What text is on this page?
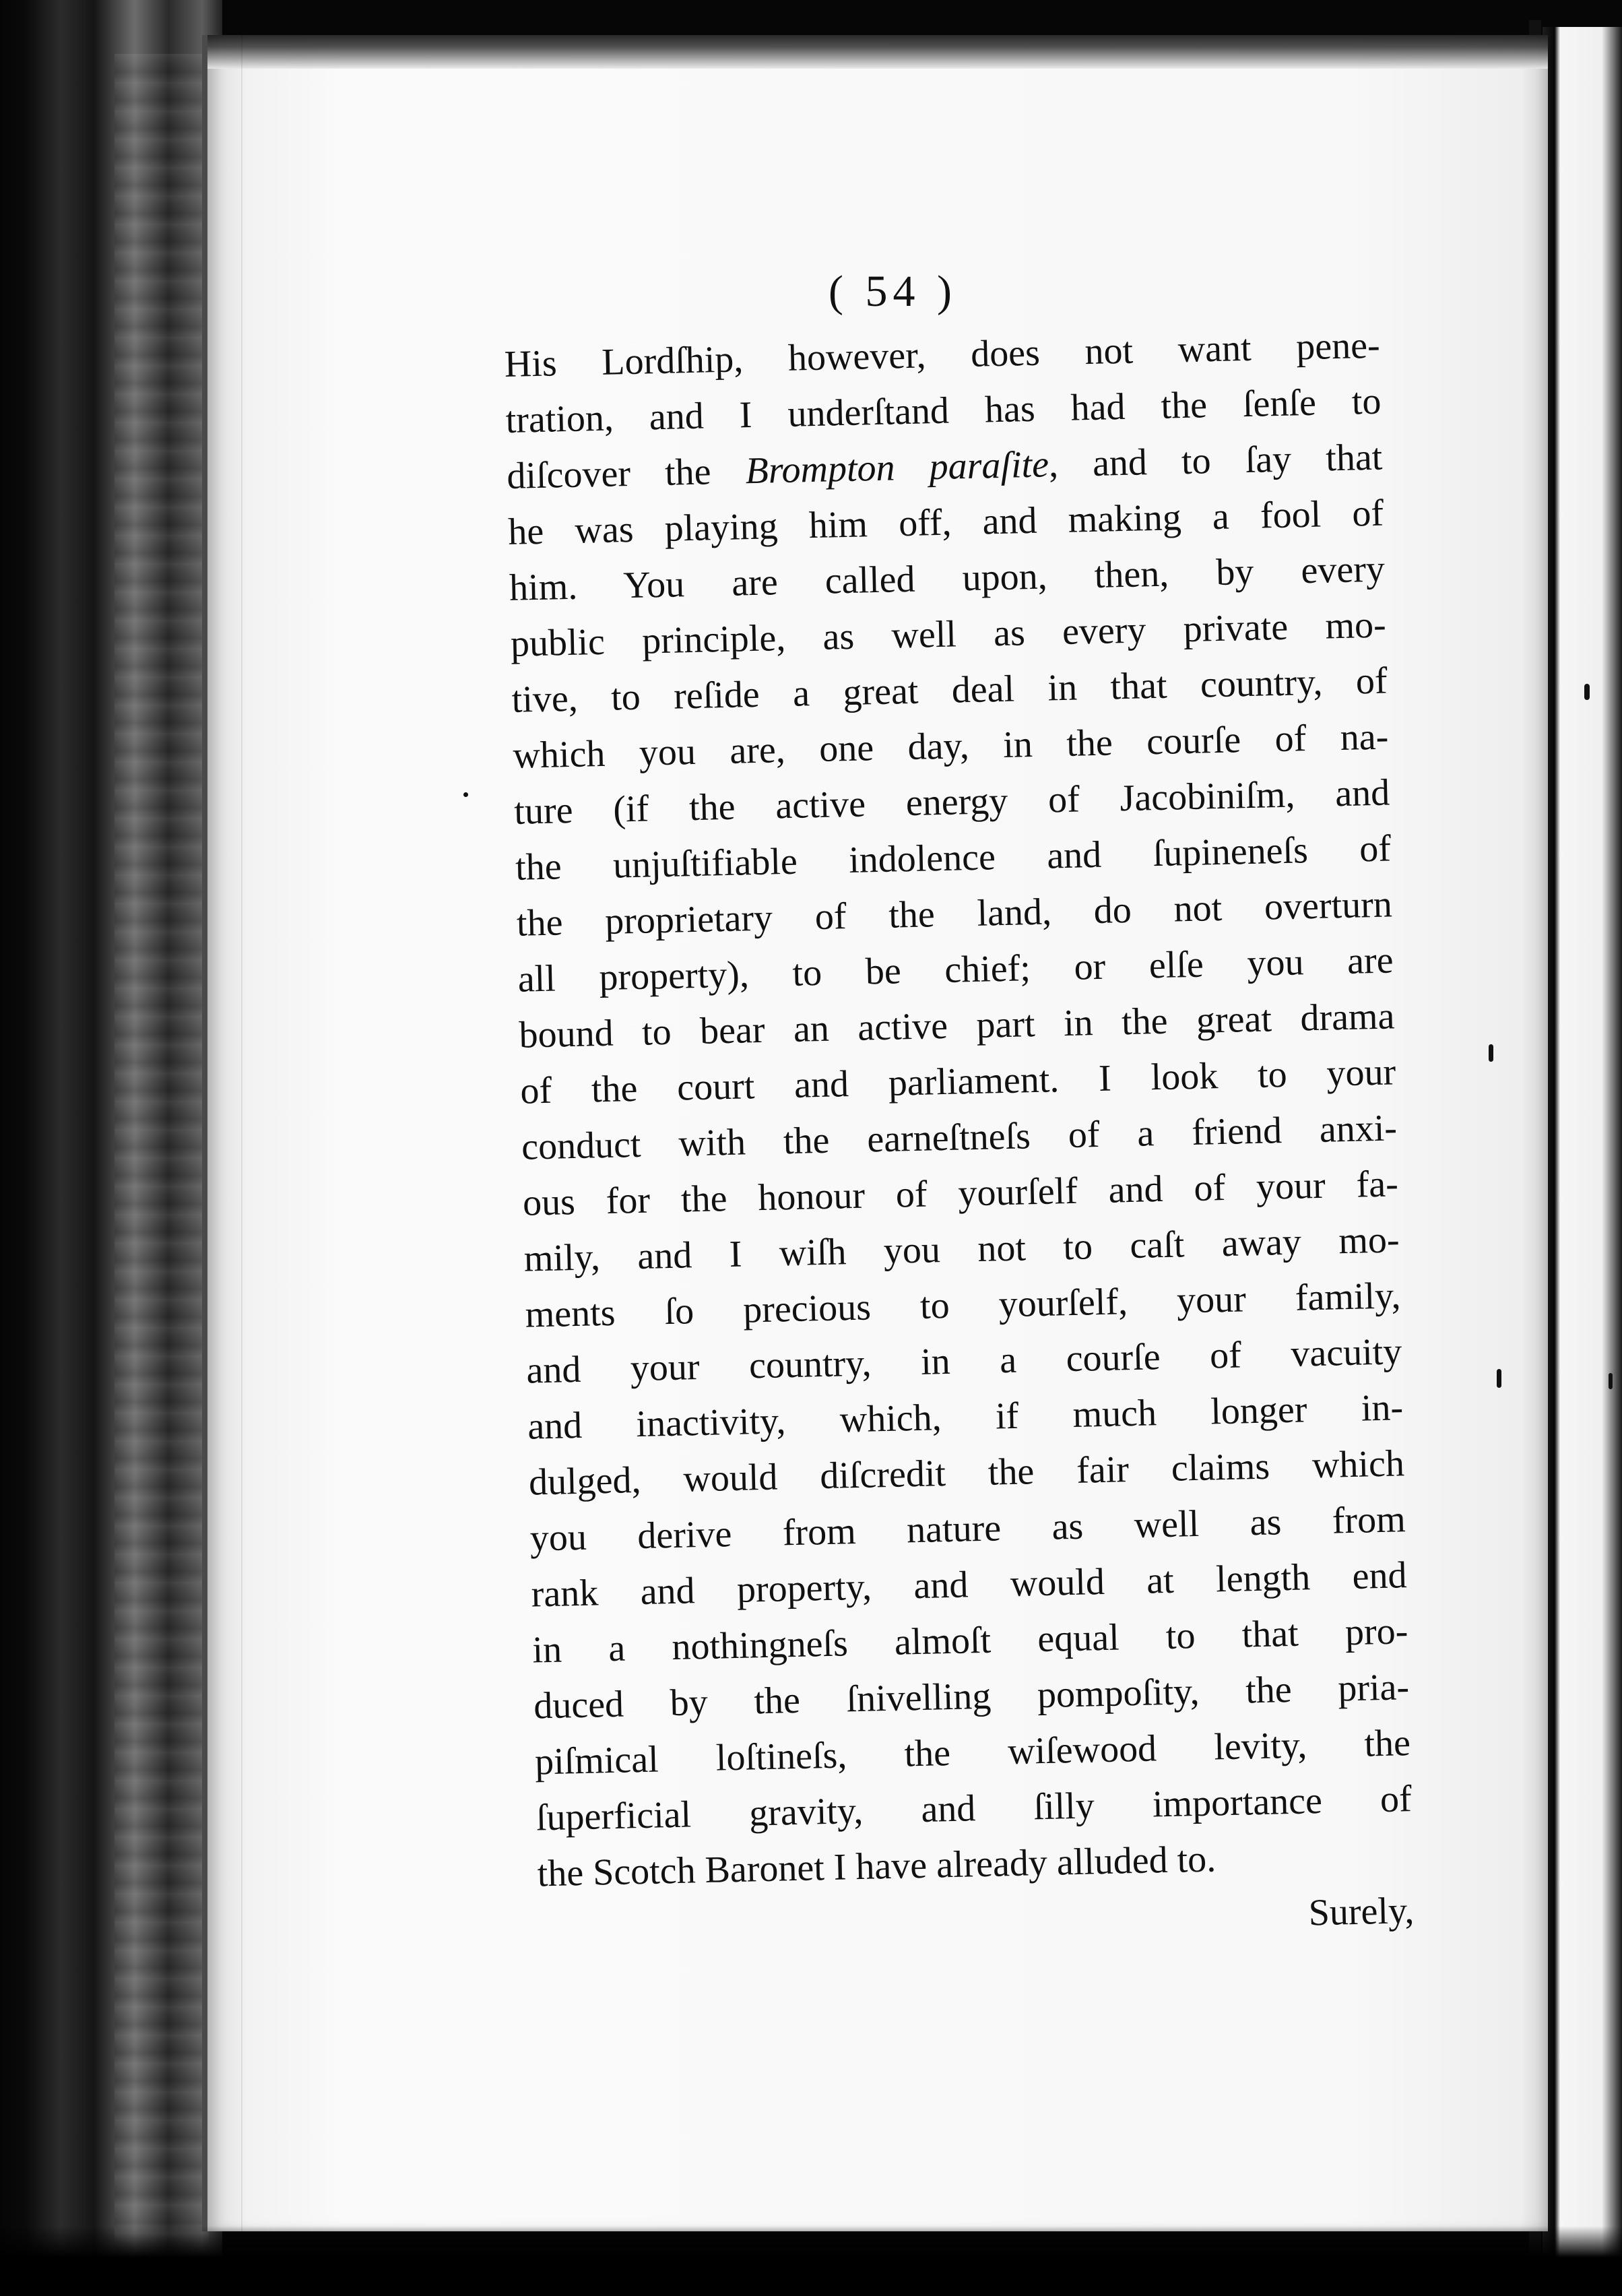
( 54 )
His Lordſhip, however, does not want pene-
tration, and I underſtand has had the ſenſe to
diſcover the Brompton paraſite, and to ſay that
he was playing him off, and making a fool of
him. You are called upon, then, by every
public principle, as well as every private mo-
tive, to reſide a great deal in that country, of
which you are, one day, in the courſe of na-
ture (if the active energy of Jacobiniſm, and
the unjuſtifiable indolence and ſupineneſs of
the proprietary of the land, do not overturn
all property), to be chief; or elſe you are
bound to bear an active part in the great drama
of the court and parliament. I look to your
conduct with the earneſtneſs of a friend anxi-
ous for the honour of yourſelf and of your fa-
mily, and I wiſh you not to caſt away mo-
ments ſo precious to yourſelf, your family,
and your country, in a courſe of vacuity
and inactivity, which, if much longer in-
dulged, would diſcredit the fair claims which
you derive from nature as well as from
rank and property, and would at length end
in a nothingneſs almoſt equal to that pro-
duced by the ſnivelling pompoſity, the pria-
piſmical loſtineſs, the wiſewood levity, the
ſuperficial gravity, and ſilly importance of
the Scotch Baronet I have already alluded to.
Surely,
